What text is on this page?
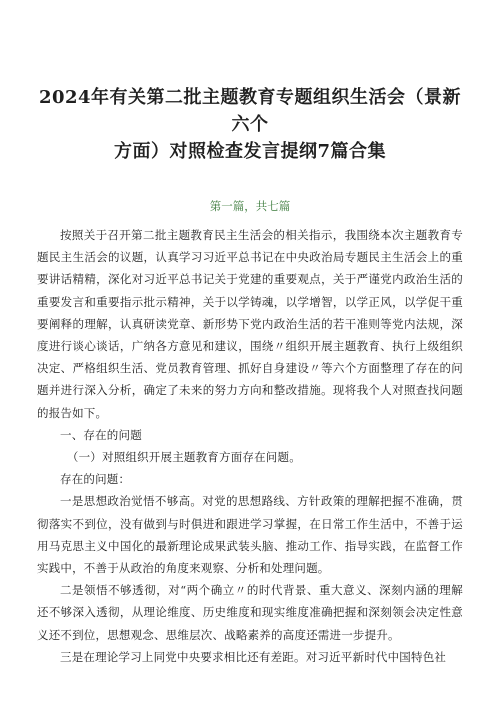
2024年有关第二批主题教育专题组织生活会（景新六个
方面）对照检查发言提纲7篇合集
第一篇，共七篇

按照关于召开第二批主题教育民主生活会的相关指示，我围绕本次主题教育专题民主生活会的议题，认真学习习近平总书记在中央政治局专题民主生活会上的重要讲话精精，深化对习近平总书记关于党建的重要观点，关于严谨党内政治生活的重要发言和重要指示批示精神，关于以学铸魂，以学增智，以学正风，以学促干重要阐释的理解，认真研读党章、新形势下党内政治生活的若干准则等党内法规，深度进行谈心谈话，广纳各方意见和建议，围绕〃组织开展主题教育、执行上级组织决定、严格组织生活、党员教育管理、抓好自身建设〃等六个方面整理了存在的问题并进行深入分析，确定了未来的努力方向和整改措施。现将我个人对照查找问题的报告如下。

一、存在的问题

（一）对照组织开展主题教育方面存在问题。

存在的问题：

一是思想政治觉悟不够高。对党的思想路线、方针政策的理解把握不准确，贯彻落实不到位，没有做到与时俱进和跟进学习掌握，在日常工作生活中，不善于运用马克思主义中国化的最新理论成果武装头脑、推动工作、指导实践，在监督工作实践中，不善于从政治的角度来观察、分析和处理问题。

二是领悟不够透彻，对“两个确立〃的时代背景、重大意义、深刻内涵的理解还不够深入透彻，从理论维度、历史维度和现实维度准确把握和深刻领会决定性意义还不到位，思想观念、思维层次、战略素养的高度还需进一步提升。

三是在理论学习上同党中央要求相比还有差距。对习近平新时代中国特色社
